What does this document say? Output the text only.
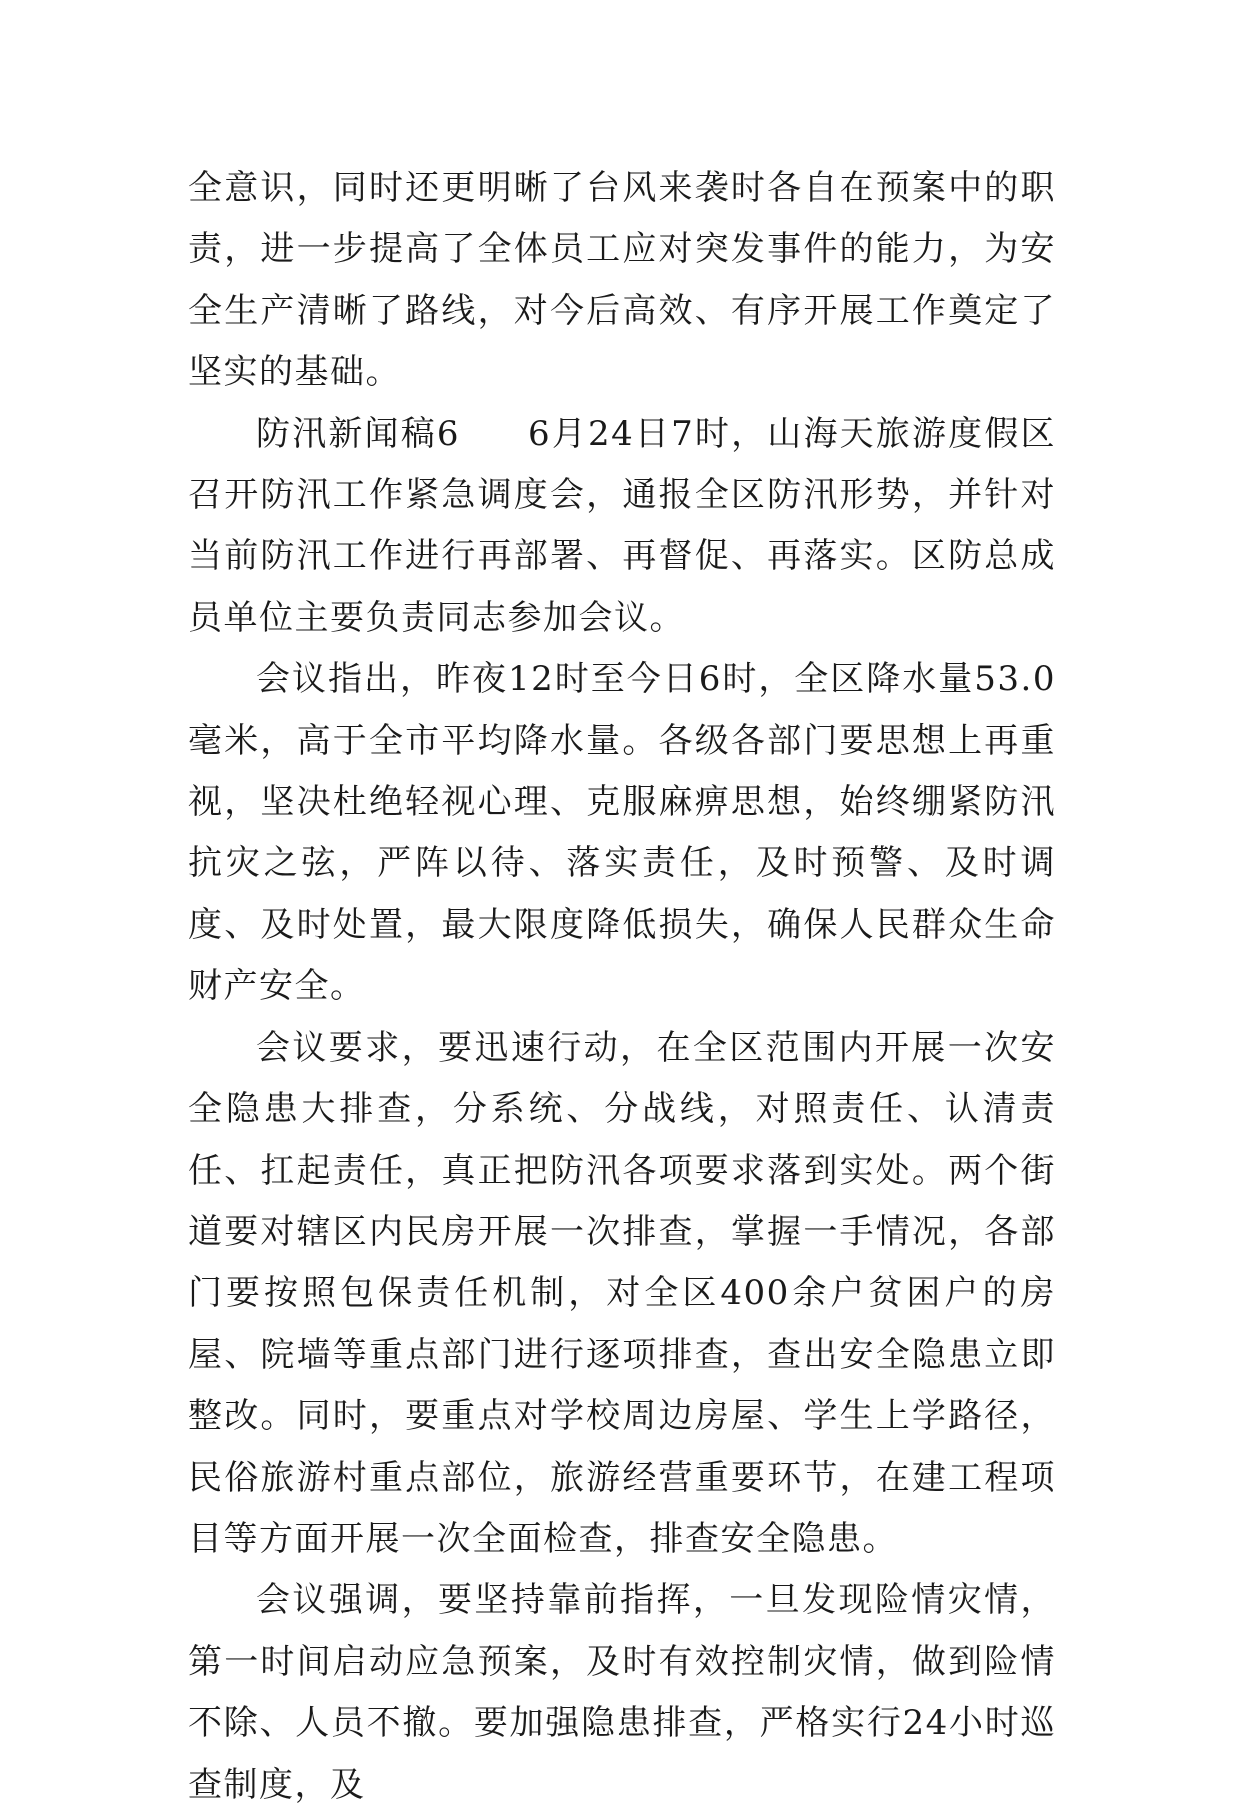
全意识，同时还更明晰了台风来袭时各自在预案中的职责，进一步提高了全体员工应对突发事件的能力，为安全生产清晰了路线，对今后高效、有序开展工作奠定了坚实的基础。

防汛新闻稿6 6月24日7时，山海天旅游度假区召开防汛工作紧急调度会，通报全区防汛形势，并针对当前防汛工作进行再部署、再督促、再落实。区防总成员单位主要负责同志参加会议。

会议指出，昨夜12时至今日6时，全区降水量53.0毫米，高于全市平均降水量。各级各部门要思想上再重视，坚决杜绝轻视心理、克服麻痹思想，始终绷紧防汛抗灾之弦，严阵以待、落实责任，及时预警、及时调度、及时处置，最大限度降低损失，确保人民群众生命财产安全。

会议要求，要迅速行动，在全区范围内开展一次安全隐患大排查，分系统、分战线，对照责任、认清责任、扛起责任，真正把防汛各项要求落到实处。两个街道要对辖区内民房开展一次排查，掌握一手情况，各部门要按照包保责任机制，对全区400余户贫困户的房屋、院墙等重点部门进行逐项排查，查出安全隐患立即整改。同时，要重点对学校周边房屋、学生上学路径，民俗旅游村重点部位，旅游经营重要环节，在建工程项目等方面开展一次全面检查，排查安全隐患。

会议强调，要坚持靠前指挥，一旦发现险情灾情，第一时间启动应急预案，及时有效控制灾情，做到险情不除、人员不撤。要加强隐患排查，严格实行24小时巡查制度，及
